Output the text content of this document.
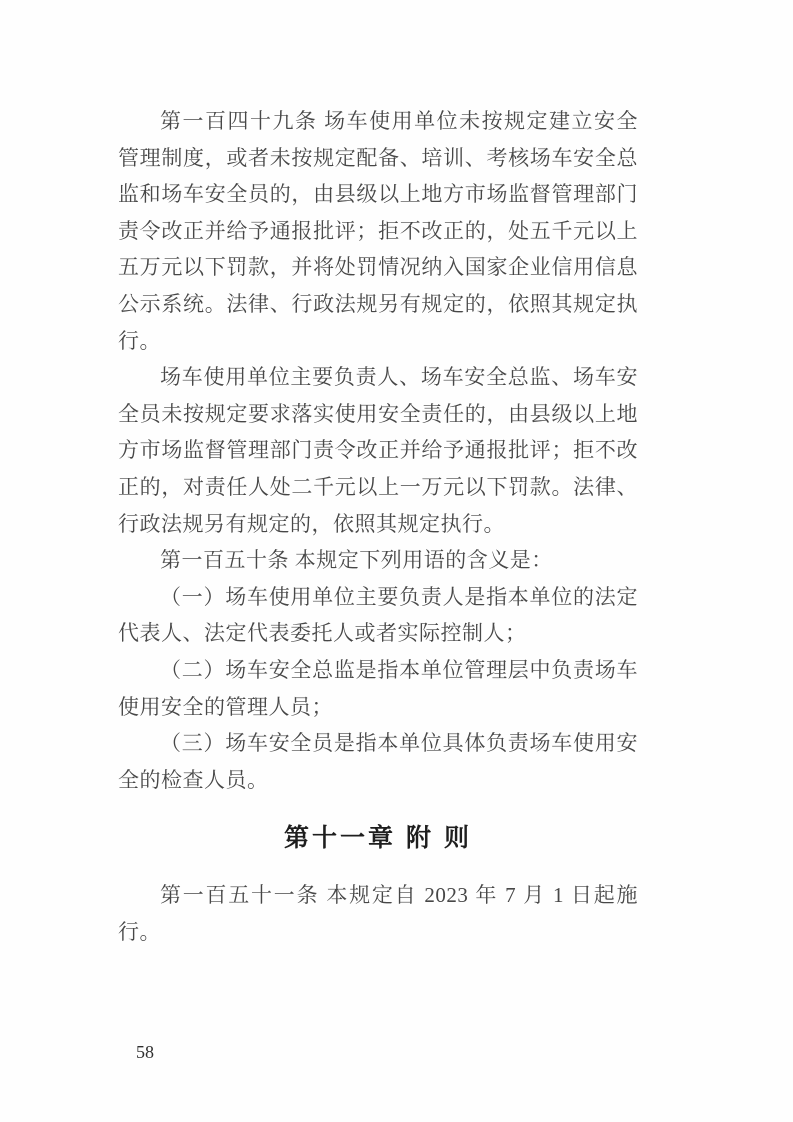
第一百四十九条 场车使用单位未按规定建立安全管理制度，或者未按规定配备、培训、考核场车安全总监和场车安全员的，由县级以上地方市场监督管理部门责令改正并给予通报批评；拒不改正的，处五千元以上五万元以下罚款，并将处罚情况纳入国家企业信用信息公示系统。法律、行政法规另有规定的，依照其规定执行。

场车使用单位主要负责人、场车安全总监、场车安全员未按规定要求落实使用安全责任的，由县级以上地方市场监督管理部门责令改正并给予通报批评；拒不改正的，对责任人处二千元以上一万元以下罚款。法律、行政法规另有规定的，依照其规定执行。

第一百五十条 本规定下列用语的含义是：

（一）场车使用单位主要负责人是指本单位的法定代表人、法定代表委托人或者实际控制人；

（二）场车安全总监是指本单位管理层中负责场车使用安全的管理人员；

（三）场车安全员是指本单位具体负责场车使用安全的检查人员。

第十一章 附 则

第一百五十一条 本规定自 2023 年 7 月 1 日起施行。

58
